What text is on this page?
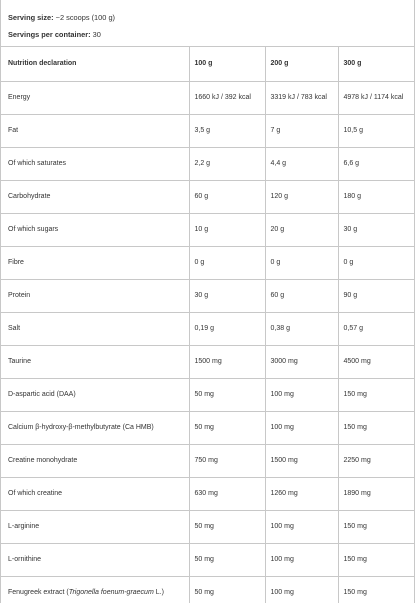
Serving size: ~2 scoops (100 g)
Servings per container: 30
Nutrition declaration	100 g	200 g	300 g
Energy	1660 kJ / 392 kcal	3319 kJ / 783 kcal	4978 kJ / 1174 kcal
Fat	3,5 g	7 g	10,5 g
Of which saturates	2,2 g	4,4 g	6,6 g
Carbohydrate	60 g	120 g	180 g
Of which sugars	10 g	20 g	30 g
Fibre	0 g	0 g	0 g
Protein	30 g	60 g	90 g
Salt	0,19 g	0,38 g	0,57 g
Taurine	1500 mg	3000 mg	4500 mg
D-aspartic acid (DAA)	50 mg	100 mg	150 mg
Calcium β-hydroxy-β-methylbutyrate (Ca HMB)	50 mg	100 mg	150 mg
Creatine monohydrate	750 mg	1500 mg	2250 mg
Of which creatine	630 mg	1260 mg	1890 mg
L-arginine	50 mg	100 mg	150 mg
L-ornithine	50 mg	100 mg	150 mg
Fenugreek extract (Trigonella foenum-graecum L.)	50 mg	100 mg	150 mg
